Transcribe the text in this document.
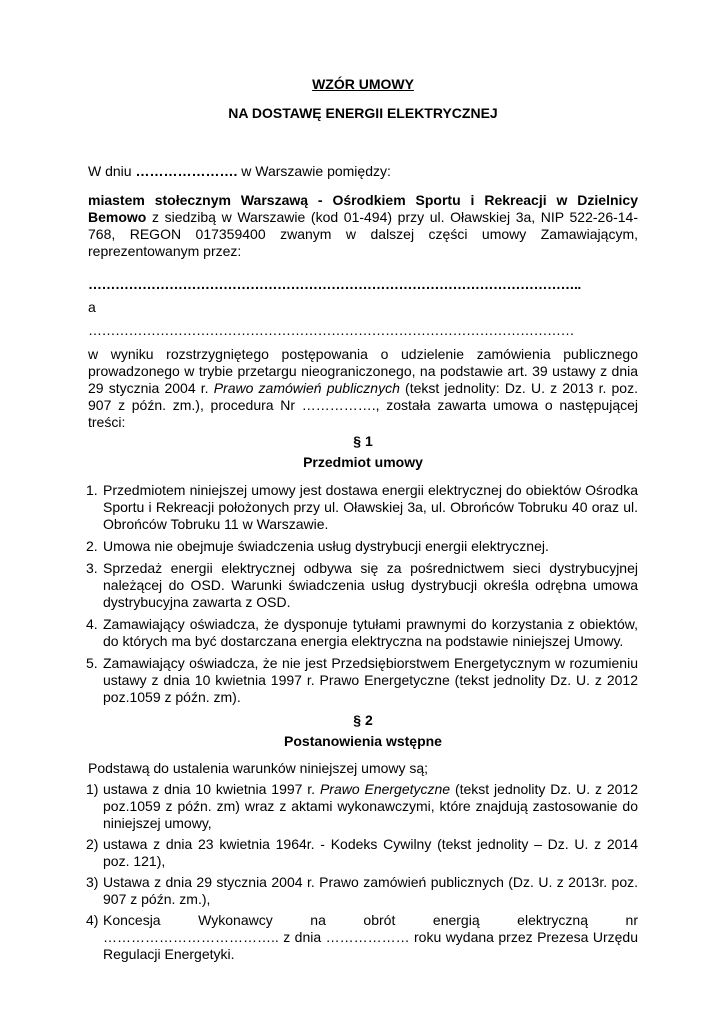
WZÓR UMOWY

NA DOSTAWĘ ENERGII ELEKTRYCZNEJ

W dniu …………………. w Warszawie pomiędzy:

miastem stołecznym Warszawą - Ośrodkiem Sportu i Rekreacji w Dzielnicy Bemowo z siedzibą w Warszawie (kod 01-494) przy ul. Oławskiej 3a, NIP 522-26-14-768, REGON 017359400 zwanym w dalszej części umowy Zamawiającym, reprezentowanym przez:

………………………………………………………………………………………………..

a

………………………………………………………………………………………………

w wyniku rozstrzygniętego postępowania o udzielenie zamówienia publicznego prowadzonego w trybie przetargu nieograniczonego, na podstawie art. 39 ustawy z dnia 29 stycznia 2004 r. Prawo zamówień publicznych (tekst jednolity: Dz. U. z 2013 r. poz. 907 z późn. zm.), procedura Nr ……………., została zawarta umowa o następującej treści:

§ 1

Przedmiot umowy

1. Przedmiotem niniejszej umowy jest dostawa energii elektrycznej do obiektów Ośrodka Sportu i Rekreacji położonych przy ul. Oławskiej 3a, ul. Obrońców Tobruku 40 oraz ul. Obrońców Tobruku 11 w Warszawie.
2. Umowa nie obejmuje świadczenia usług dystrybucji energii elektrycznej.
3. Sprzedaż energii elektrycznej odbywa się za pośrednictwem sieci dystrybucyjnej należącej do OSD. Warunki świadczenia usług dystrybucji określa odrębna umowa dystrybucyjna zawarta z OSD.
4. Zamawiający oświadcza, że dysponuje tytułami prawnymi do korzystania z obiektów, do których ma być dostarczana energia elektryczna na podstawie niniejszej Umowy.
5. Zamawiający oświadcza, że nie jest Przedsiębiorstwem Energetycznym w rozumieniu ustawy z dnia 10 kwietnia 1997 r. Prawo Energetyczne (tekst jednolity Dz. U. z 2012 poz.1059 z późn. zm).

§ 2

Postanowienia wstępne

Podstawą do ustalenia warunków niniejszej umowy są;

1) ustawa z dnia 10 kwietnia 1997 r. Prawo Energetyczne (tekst jednolity Dz. U. z 2012 poz.1059 z późn. zm) wraz z aktami wykonawczymi, które znajdują zastosowanie do niniejszej umowy,
2) ustawa z dnia 23 kwietnia 1964r. - Kodeks Cywilny (tekst jednolity – Dz. U. z 2014 poz. 121),
3) Ustawa z dnia 29 stycznia 2004 r. Prawo zamówień publicznych (Dz. U. z 2013r. poz. 907 z późn. zm.),
4) Koncesja Wykonawcy na obrót energią elektryczną nr
……………………………….. z dnia ……………… roku wydana przez Prezesa Urzędu Regulacji Energetyki.
